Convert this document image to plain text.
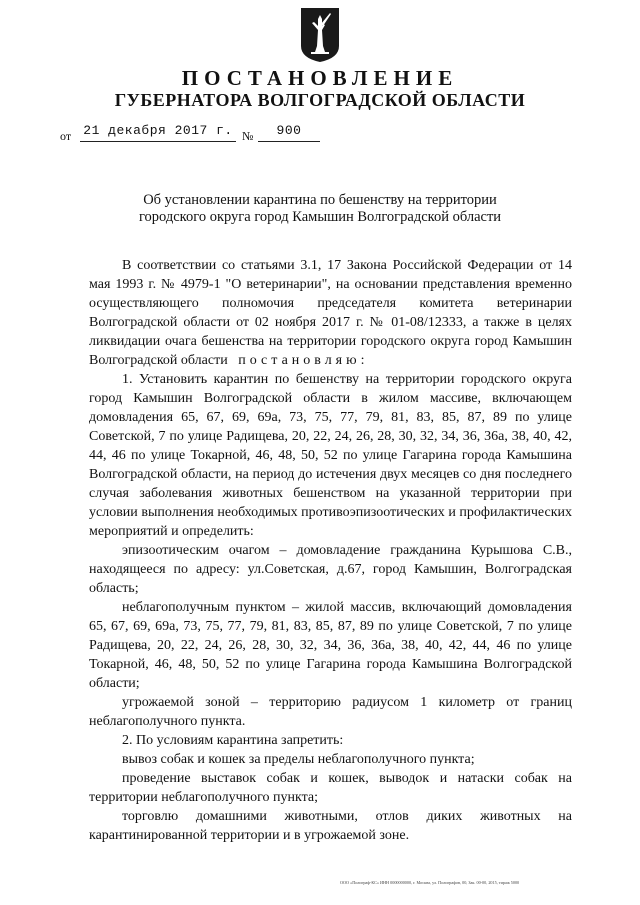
ПОСТАНОВЛЕНИЕ
ГУБЕРНАТОРА ВОЛГОГРАДСКОЙ ОБЛАСТИ
от 21 декабря 2017 г. №	900
Об установлении карантина по бешенству на территории городского округа город Камышин Волгоградской области

В соответствии со статьями 3.1, 17 Закона Российской Федерации от 14 мая 1993 г. № 4979-1 "О ветеринарии", на основании представления временно осуществляющего полномочия председателя комитета ветеринарии Волгоградской области от 02 ноября 2017 г. № 01-08/12333, а также в целях ликвидации очага бешенства на территории городского округа город Камышин Волгоградской области постановляю:

1. Установить карантин по бешенству на территории городского округа город Камышин Волгоградской области в жилом массиве, включающем домовладения 65, 67, 69, 69а, 73, 75, 77, 79, 81, 83, 85, 87, 89 по улице Советской, 7 по улице Радищева, 20, 22, 24, 26, 28, 30, 32, 34, 36, 36а, 38, 40, 42, 44, 46 по улице Токарной, 46, 48, 50, 52 по улице Гагарина города Камышина Волгоградской области, на период до истечения двух месяцев со дня последнего случая заболевания животных бешенством на указанной территории при условии выполнения необходимых противоэпизоотических и профилактических мероприятий и определить:

эпизоотическим очагом – домовладение гражданина Курышова С.В., находящееся по адресу: ул.Советская, д.67, город Камышин, Волгоградская область;

неблагополучным пунктом – жилой массив, включающий домовладения 65, 67, 69, 69а, 73, 75, 77, 79, 81, 83, 85, 87, 89 по улице Советской, 7 по улице Радищева, 20, 22, 24, 26, 28, 30, 32, 34, 36, 36а, 38, 40, 42, 44, 46 по улице Токарной, 46, 48, 50, 52 по улице Гагарина города Камышина Волгоградской области;

угрожаемой зоной – территорию радиусом 1 километр от границ неблагополучного пункта.

2. По условиям карантина запретить:

вывоз собак и кошек за пределы неблагополучного пункта;

проведение выставок собак и кошек, выводок и натаски собак на территории неблагополучного пункта;

торговлю домашними животными, отлов диких животных на карантинированной территории и в угрожаемой зоне.

ООО «Полиграф-КС» ИНН 0000000000, г. Москва, ул. Полиграфов, 00, Зак. 00-00, 2015, тираж 5000
